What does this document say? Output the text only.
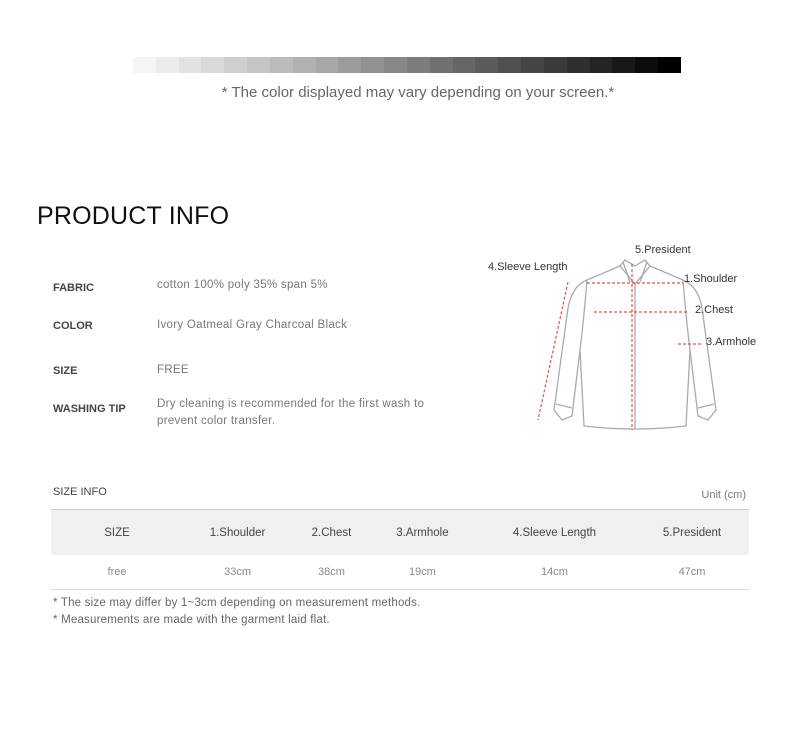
* The color displayed may vary depending on your screen.*
PRODUCT INFO
FABRIC	cotton 100% poly 35% span 5%
COLOR	Ivory Oatmeal Gray Charcoal Black
SIZE	FREE
WASHING TIP	Dry cleaning is recommended for the first wash to prevent color transfer.
5.President
4.Sleeve Length
1.Shoulder
2.Chest
3.Armhole
SIZE INFO	Unit (cm)
SIZE	1.Shoulder	2.Chest	3.Armhole	4.Sleeve Length	5.President
free	33cm	38cm	19cm	14cm	47cm
* The size may differ by 1~3cm depending on measurement methods.
* Measurements are made with the garment laid flat.
